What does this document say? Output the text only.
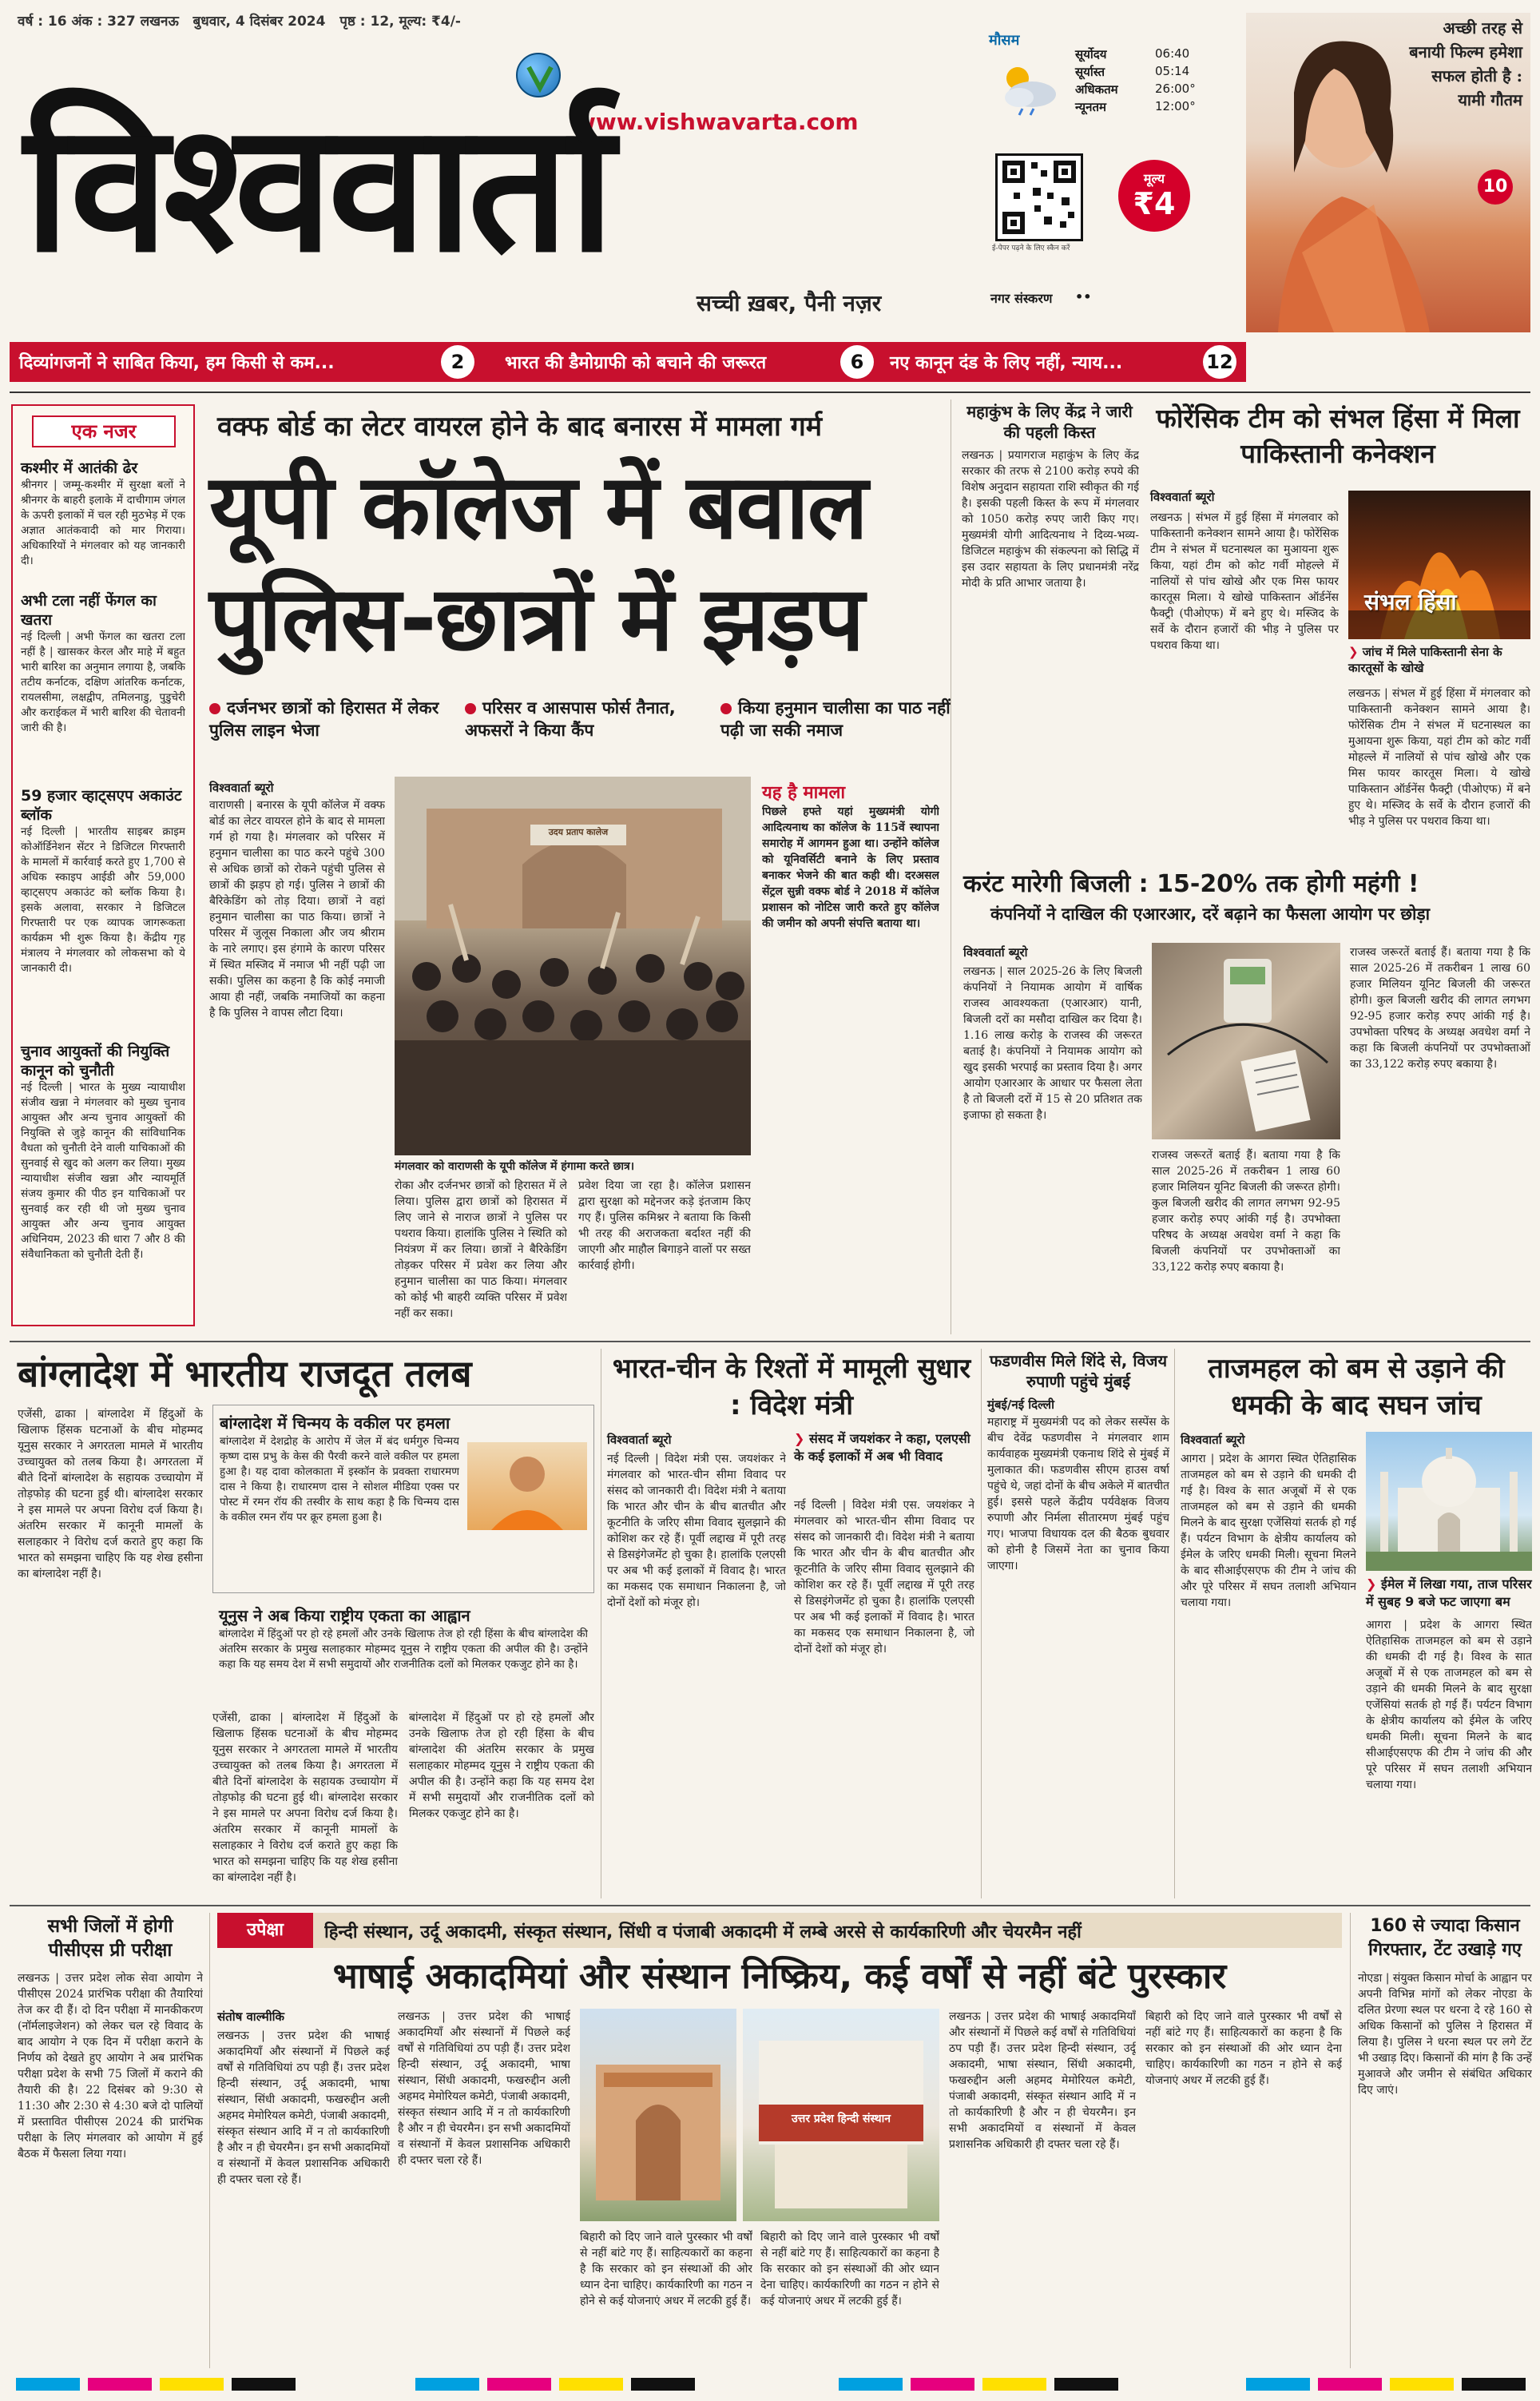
वर्ष : 16 अंक : 327 लखनऊ   बुधवार, 4 दिसंबर 2024   पृष्ठ : 12, मूल्य: ₹4/-
www.vishwavarta.com
विश्ववार्ता
सच्ची ख़बर, पैनी नज़र
मौसम
सूर्योदय	06:40
सूर्यास्त	05:14
अधिकतम	26:00°
न्यूनतम	12:00°
ई-पेपर पढ़ने के लिए स्कैन करें
मूल्य
₹4
नगर संस्करण ••
अच्छी तरह से बनायी फिल्म हमेशा सफल होती है : यामी गौतम
10
दिव्यांगजनों ने साबित किया, हम किसी से कम...	2	भारत की डैमोग्राफी को बचाने की जरूरत	6	नए कानून दंड के लिए नहीं, न्याय...	12
एक नजर
कश्मीर में आतंकी ढेर
श्रीनगर | जम्मू-कश्मीर में सुरक्षा बलों ने श्रीनगर के बाहरी इलाके में दाचीगाम जंगल के ऊपरी इलाकों में चल रही मुठभेड़ में एक अज्ञात आतंकवादी को मार गिराया। अधिकारियों ने मंगलवार को यह जानकारी दी।
अभी टला नहीं फेंगल का खतरा
नई दिल्ली | अभी फेंगल का खतरा टला नहीं है | खासकर केरल और माहे में बहुत भारी बारिश का अनुमान लगाया है, जबकि तटीय कर्नाटक, दक्षिण आंतरिक कर्नाटक, रायलसीमा, लक्षद्वीप, तमिलनाडु, पुडुचेरी और कराईकल में भारी बारिश की चेतावनी जारी की है।
59 हजार व्हाट्सएप अकाउंट ब्लॉक
नई दिल्ली | भारतीय साइबर क्राइम कोऑर्डिनेशन सेंटर ने डिजिटल गिरफ्तारी के मामलों में कार्रवाई करते हुए 1,700 से अधिक स्काइप आईडी और 59,000 व्हाट्सएप अकाउंट को ब्लॉक किया है। इसके अलावा, सरकार ने डिजिटल गिरफ्तारी पर एक व्यापक जागरूकता कार्यक्रम भी शुरू किया है। केंद्रीय गृह मंत्रालय ने मंगलवार को लोकसभा को ये जानकारी दी।
चुनाव आयुक्तों की नियुक्ति कानून को चुनौती
नई दिल्ली | भारत के मुख्य न्यायाधीश संजीव खन्ना ने मंगलवार को मुख्य चुनाव आयुक्त और अन्य चुनाव आयुक्तों की नियुक्ति से जुड़े कानून की सांविधानिक वैधता को चुनौती देने वाली याचिकाओं की सुनवाई से खुद को अलग कर लिया। मुख्य न्यायाधीश संजीव खन्ना और न्यायमूर्ति संजय कुमार की पीठ इन याचिकाओं पर सुनवाई कर रही थी जो मुख्य चुनाव आयुक्त और अन्य चुनाव आयुक्त अधिनियम, 2023 की धारा 7 और 8 की संवैधानिकता को चुनौती देती हैं।
वक्फ बोर्ड का लेटर वायरल होने के बाद बनारस में मामला गर्म
यूपी कॉलेज में बवाल
पुलिस-छात्रों में झड़प
दर्जनभर छात्रों को हिरासत में लेकर पुलिस लाइन भेजा
परिसर व आसपास फोर्स तैनात, अफसरों ने किया कैंप
किया हनुमान चालीसा का पाठ नहीं पढ़ी जा सकी नमाज
विश्ववार्ता ब्यूरो
वाराणसी | बनारस के यूपी कॉलेज में वक्फ बोर्ड का लेटर वायरल होने के बाद से मामला गर्म हो गया है। मंगलवार को परिसर में हनुमान चालीसा का पाठ करने पहुंचे 300 से अधिक छात्रों को रोकने पहुंची पुलिस से छात्रों की झड़प हो गई। पुलिस ने छात्रों की बैरिकेडिंग को तोड़ दिया। छात्रों ने वहां हनुमान चालीसा का पाठ किया। छात्रों ने परिसर में जुलूस निकाला और जय श्रीराम के नारे लगाए। इस हंगामे के कारण परिसर में स्थित मस्जिद में नमाज भी नहीं पढ़ी जा सकी। पुलिस का कहना है कि कोई नमाजी आया ही नहीं, जबकि नमाजियों का कहना है कि पुलिस ने वापस लौटा दिया।
उदय प्रताप कालेज
मंगलवार को वाराणसी के यूपी कॉलेज में हंगामा करते छात्र।
रोका और दर्जनभर छात्रों को हिरासत में ले लिया। पुलिस द्वारा छात्रों को हिरासत में लिए जाने से नाराज छात्रों ने पुलिस पर पथराव किया। हालांकि पुलिस ने स्थिति को नियंत्रण में कर लिया। छात्रों ने बैरिकेडिंग तोड़कर परिसर में प्रवेश कर लिया और हनुमान चालीसा का पाठ किया। मंगलवार को कोई भी बाहरी व्यक्ति परिसर में प्रवेश नहीं कर सका।
प्रवेश दिया जा रहा है। कॉलेज प्रशासन द्वारा सुरक्षा को मद्देनजर कड़े इंतजाम किए गए हैं। पुलिस कमिश्नर ने बताया कि किसी भी तरह की अराजकता बर्दाश्त नहीं की जाएगी और माहौल बिगाड़ने वालों पर सख्त कार्रवाई होगी।
यह है मामला
पिछले हफ्ते यहां मुख्यमंत्री योगी आदित्यनाथ का कॉलेज के 115वें स्थापना समारोह में आगमन हुआ था। उन्होंने कॉलेज को यूनिवर्सिटी बनाने के लिए प्रस्ताव बनाकर भेजने की बात कही थी। दरअसल सेंट्रल सुन्नी वक्फ बोर्ड ने 2018 में कॉलेज प्रशासन को नोटिस जारी करते हुए कॉलेज की जमीन को अपनी संपत्ति बताया था।
महाकुंभ के लिए केंद्र ने जारी की पहली किस्त
लखनऊ | प्रयागराज महाकुंभ के लिए केंद्र सरकार की तरफ से 2100 करोड़ रुपये की विशेष अनुदान सहायता राशि स्वीकृत की गई है। इसकी पहली किस्त के रूप में मंगलवार को 1050 करोड़ रुपए जारी किए गए। मुख्यमंत्री योगी आदित्यनाथ ने दिव्य-भव्य-डिजिटल महाकुंभ की संकल्पना को सिद्धि में इस उदार सहायता के लिए प्रधानमंत्री नरेंद्र मोदी के प्रति आभार जताया है।
फोरेंसिक टीम को संभल हिंसा में मिला पाकिस्तानी कनेक्शन
विश्ववार्ता ब्यूरो
लखनऊ | संभल में हुई हिंसा में मंगलवार को पाकिस्तानी कनेक्शन सामने आया है। फोरेंसिक टीम ने संभल में घटनास्थल का मुआयना शुरू किया, यहां टीम को कोट गर्वी मोहल्ले में नालियों से पांच खोखे और एक मिस फायर कारतूस मिला। ये खोखे पाकिस्तान ऑर्डनेंस फैक्ट्री (पीओएफ) में बने हुए थे। मस्जिद के सर्वे के दौरान हजारों की भीड़ ने पुलिस पर पथराव किया था।
संभल हिंसा
❯ जांच में मिले पाकिस्तानी सेना के कारतूसों के खोखे
लखनऊ | संभल में हुई हिंसा में मंगलवार को पाकिस्तानी कनेक्शन सामने आया है। फोरेंसिक टीम ने संभल में घटनास्थल का मुआयना शुरू किया, यहां टीम को कोट गर्वी मोहल्ले में नालियों से पांच खोखे और एक मिस फायर कारतूस मिला। ये खोखे पाकिस्तान ऑर्डनेंस फैक्ट्री (पीओएफ) में बने हुए थे। मस्जिद के सर्वे के दौरान हजारों की भीड़ ने पुलिस पर पथराव किया था।
करंट मारेगी बिजली : 15-20% तक होगी महंगी !
कंपनियों ने दाखिल की एआरआर, दरें बढ़ाने का फैसला आयोग पर छोड़ा
विश्ववार्ता ब्यूरो
लखनऊ | साल 2025-26 के लिए बिजली कंपनियों ने नियामक आयोग में वार्षिक राजस्व आवश्यकता (एआरआर) यानी, बिजली दरों का मसौदा दाखिल कर दिया है। 1.16 लाख करोड़ के राजस्व की जरूरत बताई है। कंपनियों ने नियामक आयोग को खुद इसकी भरपाई का प्रस्ताव दिया है। अगर आयोग एआरआर के आधार पर फैसला लेता है तो बिजली दरों में 15 से 20 प्रतिशत तक इजाफा हो सकता है।
राजस्व जरूरतें बताई हैं। बताया गया है कि साल 2025-26 में तकरीबन 1 लाख 60 हजार मिलियन यूनिट बिजली की जरूरत होगी। कुल बिजली खरीद की लागत लगभग 92-95 हजार करोड़ रुपए आंकी गई है। उपभोक्ता परिषद के अध्यक्ष अवधेश वर्मा ने कहा कि बिजली कंपनियों पर उपभोक्ताओं का 33,122 करोड़ रुपए बकाया है।
राजस्व जरूरतें बताई हैं। बताया गया है कि साल 2025-26 में तकरीबन 1 लाख 60 हजार मिलियन यूनिट बिजली की जरूरत होगी। कुल बिजली खरीद की लागत लगभग 92-95 हजार करोड़ रुपए आंकी गई है। उपभोक्ता परिषद के अध्यक्ष अवधेश वर्मा ने कहा कि बिजली कंपनियों पर उपभोक्ताओं का 33,122 करोड़ रुपए बकाया है।
बांग्लादेश में भारतीय राजदूत तलब
एजेंसी, ढाका | बांग्लादेश में हिंदुओं के खिलाफ हिंसक घटनाओं के बीच मोहम्मद यूनुस सरकार ने अगरतला मामले में भारतीय उच्चायुक्त को तलब किया है। अगरतला में बीते दिनों बांग्लादेश के सहायक उच्चायोग में तोड़फोड़ की घटना हुई थी। बांग्लादेश सरकार ने इस मामले पर अपना विरोध दर्ज किया है। अंतरिम सरकार में कानूनी मामलों के सलाहकार ने विरोध दर्ज कराते हुए कहा कि भारत को समझना चाहिए कि यह शेख हसीना का बांग्लादेश नहीं है।
बांग्लादेश में चिन्मय के वकील पर हमला
बांग्लादेश में देशद्रोह के आरोप में जेल में बंद धर्मगुरु चिन्मय कृष्ण दास प्रभु के केस की पैरवी करने वाले वकील पर हमला हुआ है। यह दावा कोलकाता में इस्कॉन के प्रवक्ता राधारमण दास ने किया है। राधारमण दास ने सोशल मीडिया एक्स पर पोस्ट में रमन रॉय की तस्वीर के साथ कहा है कि चिन्मय दास के वकील रमन रॉय पर क्रूर हमला हुआ है।
यूनुस ने अब किया राष्ट्रीय एकता का आह्वान
बांग्लादेश में हिंदुओं पर हो रहे हमलों और उनके खिलाफ तेज हो रही हिंसा के बीच बांग्लादेश की अंतरिम सरकार के प्रमुख सलाहकार मोहम्मद यूनुस ने राष्ट्रीय एकता की अपील की है। उन्होंने कहा कि यह समय देश में सभी समुदायों और राजनीतिक दलों को मिलकर एकजुट होने का है।
एजेंसी, ढाका | बांग्लादेश में हिंदुओं के खिलाफ हिंसक घटनाओं के बीच मोहम्मद यूनुस सरकार ने अगरतला मामले में भारतीय उच्चायुक्त को तलब किया है। अगरतला में बीते दिनों बांग्लादेश के सहायक उच्चायोग में तोड़फोड़ की घटना हुई थी। बांग्लादेश सरकार ने इस मामले पर अपना विरोध दर्ज किया है। अंतरिम सरकार में कानूनी मामलों के सलाहकार ने विरोध दर्ज कराते हुए कहा कि भारत को समझना चाहिए कि यह शेख हसीना का बांग्लादेश नहीं है।
बांग्लादेश में हिंदुओं पर हो रहे हमलों और उनके खिलाफ तेज हो रही हिंसा के बीच बांग्लादेश की अंतरिम सरकार के प्रमुख सलाहकार मोहम्मद यूनुस ने राष्ट्रीय एकता की अपील की है। उन्होंने कहा कि यह समय देश में सभी समुदायों और राजनीतिक दलों को मिलकर एकजुट होने का है।
भारत-चीन के रिश्तों में मामूली सुधार : विदेश मंत्री
विश्ववार्ता ब्यूरो	❯ संसद में जयशंकर ने कहा, एलएसी के कई इलाकों में अब भी विवाद
नई दिल्ली | विदेश मंत्री एस. जयशंकर ने मंगलवार को भारत-चीन सीमा विवाद पर संसद को जानकारी दी। विदेश मंत्री ने बताया कि भारत और चीन के बीच बातचीत और कूटनीति के जरिए सीमा विवाद सुलझाने की कोशिश कर रहे हैं। पूर्वी लद्दाख में पूरी तरह से डिसइंगेजमेंट हो चुका है। हालांकि एलएसी पर अब भी कई इलाकों में विवाद है। भारत का मकसद एक समाधान निकालना है, जो दोनों देशों को मंजूर हो।
नई दिल्ली | विदेश मंत्री एस. जयशंकर ने मंगलवार को भारत-चीन सीमा विवाद पर संसद को जानकारी दी। विदेश मंत्री ने बताया कि भारत और चीन के बीच बातचीत और कूटनीति के जरिए सीमा विवाद सुलझाने की कोशिश कर रहे हैं। पूर्वी लद्दाख में पूरी तरह से डिसइंगेजमेंट हो चुका है। हालांकि एलएसी पर अब भी कई इलाकों में विवाद है। भारत का मकसद एक समाधान निकालना है, जो दोनों देशों को मंजूर हो।
फडणवीस मिले शिंदे से, विजय रुपाणी पहुंचे मुंबई
मुंबई/नई दिल्ली
महाराष्ट्र में मुख्यमंत्री पद को लेकर सस्पेंस के बीच देवेंद्र फडणवीस ने मंगलवार शाम कार्यवाहक मुख्यमंत्री एकनाथ शिंदे से मुंबई में मुलाकात की। फडणवीस सीएम हाउस वर्षा पहुंचे थे, जहां दोनों के बीच अकेले में बातचीत हुई। इससे पहले केंद्रीय पर्यवेक्षक विजय रुपाणी और निर्मला सीतारमण मुंबई पहुंच गए। भाजपा विधायक दल की बैठक बुधवार को होनी है जिसमें नेता का चुनाव किया जाएगा।
ताजमहल को बम से उड़ाने की धमकी के बाद सघन जांच
विश्ववार्ता ब्यूरो
आगरा | प्रदेश के आगरा स्थित ऐतिहासिक ताजमहल को बम से उड़ाने की धमकी दी गई है। विश्व के सात अजूबों में से एक ताजमहल को बम से उड़ाने की धमकी मिलने के बाद सुरक्षा एजेंसियां सतर्क हो गई हैं। पर्यटन विभाग के क्षेत्रीय कार्यालय को ईमेल के जरिए धमकी मिली। सूचना मिलने के बाद सीआईएसएफ की टीम ने जांच की और पूरे परिसर में सघन तलाशी अभियान चलाया गया।
❯ ईमेल में लिखा गया, ताज परिसर में सुबह 9 बजे फट जाएगा बम
आगरा | प्रदेश के आगरा स्थित ऐतिहासिक ताजमहल को बम से उड़ाने की धमकी दी गई है। विश्व के सात अजूबों में से एक ताजमहल को बम से उड़ाने की धमकी मिलने के बाद सुरक्षा एजेंसियां सतर्क हो गई हैं। पर्यटन विभाग के क्षेत्रीय कार्यालय को ईमेल के जरिए धमकी मिली। सूचना मिलने के बाद सीआईएसएफ की टीम ने जांच की और पूरे परिसर में सघन तलाशी अभियान चलाया गया।
सभी जिलों में होगी पीसीएस प्री परीक्षा
लखनऊ | उत्तर प्रदेश लोक सेवा आयोग ने पीसीएस 2024 प्रारंभिक परीक्षा की तैयारियां तेज कर दी हैं। दो दिन परीक्षा में मानकीकरण (नॉर्मलाइजेशन) को लेकर चल रहे विवाद के बाद आयोग ने एक दिन में परीक्षा कराने के निर्णय को देखते हुए आयोग ने अब प्रारंभिक परीक्षा प्रदेश के सभी 75 जिलों में कराने की तैयारी की है। 22 दिसंबर को 9:30 से 11:30 और 2:30 से 4:30 बजे दो पालियों में प्रस्तावित पीसीएस 2024 की प्रारंभिक परीक्षा के लिए मंगलवार को आयोग में हुई बैठक में फैसला लिया गया।
उपेक्षा	हिन्दी संस्थान, उर्दू अकादमी, संस्कृत संस्थान, सिंधी व पंजाबी अकादमी में लम्बे अरसे से कार्यकारिणी और चेयरमैन नहीं
भाषाई अकादमियां और संस्थान निष्क्रिय, कई वर्षों से नहीं बंटे पुरस्कार
संतोष वाल्मीकि
लखनऊ | उत्तर प्रदेश की भाषाई अकादमियाँ और संस्थानों में पिछले कई वर्षों से गतिविधियां ठप पड़ी हैं। उत्तर प्रदेश हिन्दी संस्थान, उर्दू अकादमी, भाषा संस्थान, सिंधी अकादमी, फखरुद्दीन अली अहमद मेमोरियल कमेटी, पंजाबी अकादमी, संस्कृत संस्थान आदि में न तो कार्यकारिणी है और न ही चेयरमैन। इन सभी अकादमियों व संस्थानों में केवल प्रशासनिक अधिकारी ही दफ्तर चला रहे हैं।
लखनऊ | उत्तर प्रदेश की भाषाई अकादमियाँ और संस्थानों में पिछले कई वर्षों से गतिविधियां ठप पड़ी हैं। उत्तर प्रदेश हिन्दी संस्थान, उर्दू अकादमी, भाषा संस्थान, सिंधी अकादमी, फखरुद्दीन अली अहमद मेमोरियल कमेटी, पंजाबी अकादमी, संस्कृत संस्थान आदि में न तो कार्यकारिणी है और न ही चेयरमैन। इन सभी अकादमियों व संस्थानों में केवल प्रशासनिक अधिकारी ही दफ्तर चला रहे हैं।
उत्तर प्रदेश हिन्दी संस्थान
बिहारी को दिए जाने वाले पुरस्कार भी वर्षों से नहीं बांटे गए हैं। साहित्यकारों का कहना है कि सरकार को इन संस्थाओं की ओर ध्यान देना चाहिए। कार्यकारिणी का गठन न होने से कई योजनाएं अधर में लटकी हुई हैं।
बिहारी को दिए जाने वाले पुरस्कार भी वर्षों से नहीं बांटे गए हैं। साहित्यकारों का कहना है कि सरकार को इन संस्थाओं की ओर ध्यान देना चाहिए। कार्यकारिणी का गठन न होने से कई योजनाएं अधर में लटकी हुई हैं।
लखनऊ | उत्तर प्रदेश की भाषाई अकादमियाँ और संस्थानों में पिछले कई वर्षों से गतिविधियां ठप पड़ी हैं। उत्तर प्रदेश हिन्दी संस्थान, उर्दू अकादमी, भाषा संस्थान, सिंधी अकादमी, फखरुद्दीन अली अहमद मेमोरियल कमेटी, पंजाबी अकादमी, संस्कृत संस्थान आदि में न तो कार्यकारिणी है और न ही चेयरमैन। इन सभी अकादमियों व संस्थानों में केवल प्रशासनिक अधिकारी ही दफ्तर चला रहे हैं।
बिहारी को दिए जाने वाले पुरस्कार भी वर्षों से नहीं बांटे गए हैं। साहित्यकारों का कहना है कि सरकार को इन संस्थाओं की ओर ध्यान देना चाहिए। कार्यकारिणी का गठन न होने से कई योजनाएं अधर में लटकी हुई हैं।
160 से ज्यादा किसान गिरफ्तार, टेंट उखाड़े गए
नोएडा | संयुक्त किसान मोर्चा के आह्वान पर अपनी विभिन्न मांगों को लेकर नोएडा के दलित प्रेरणा स्थल पर धरना दे रहे 160 से अधिक किसानों को पुलिस ने हिरासत में लिया है। पुलिस ने धरना स्थल पर लगे टेंट भी उखाड़ दिए। किसानों की मांग है कि उन्हें मुआवजे और जमीन से संबंधित अधिकार दिए जाएं।
